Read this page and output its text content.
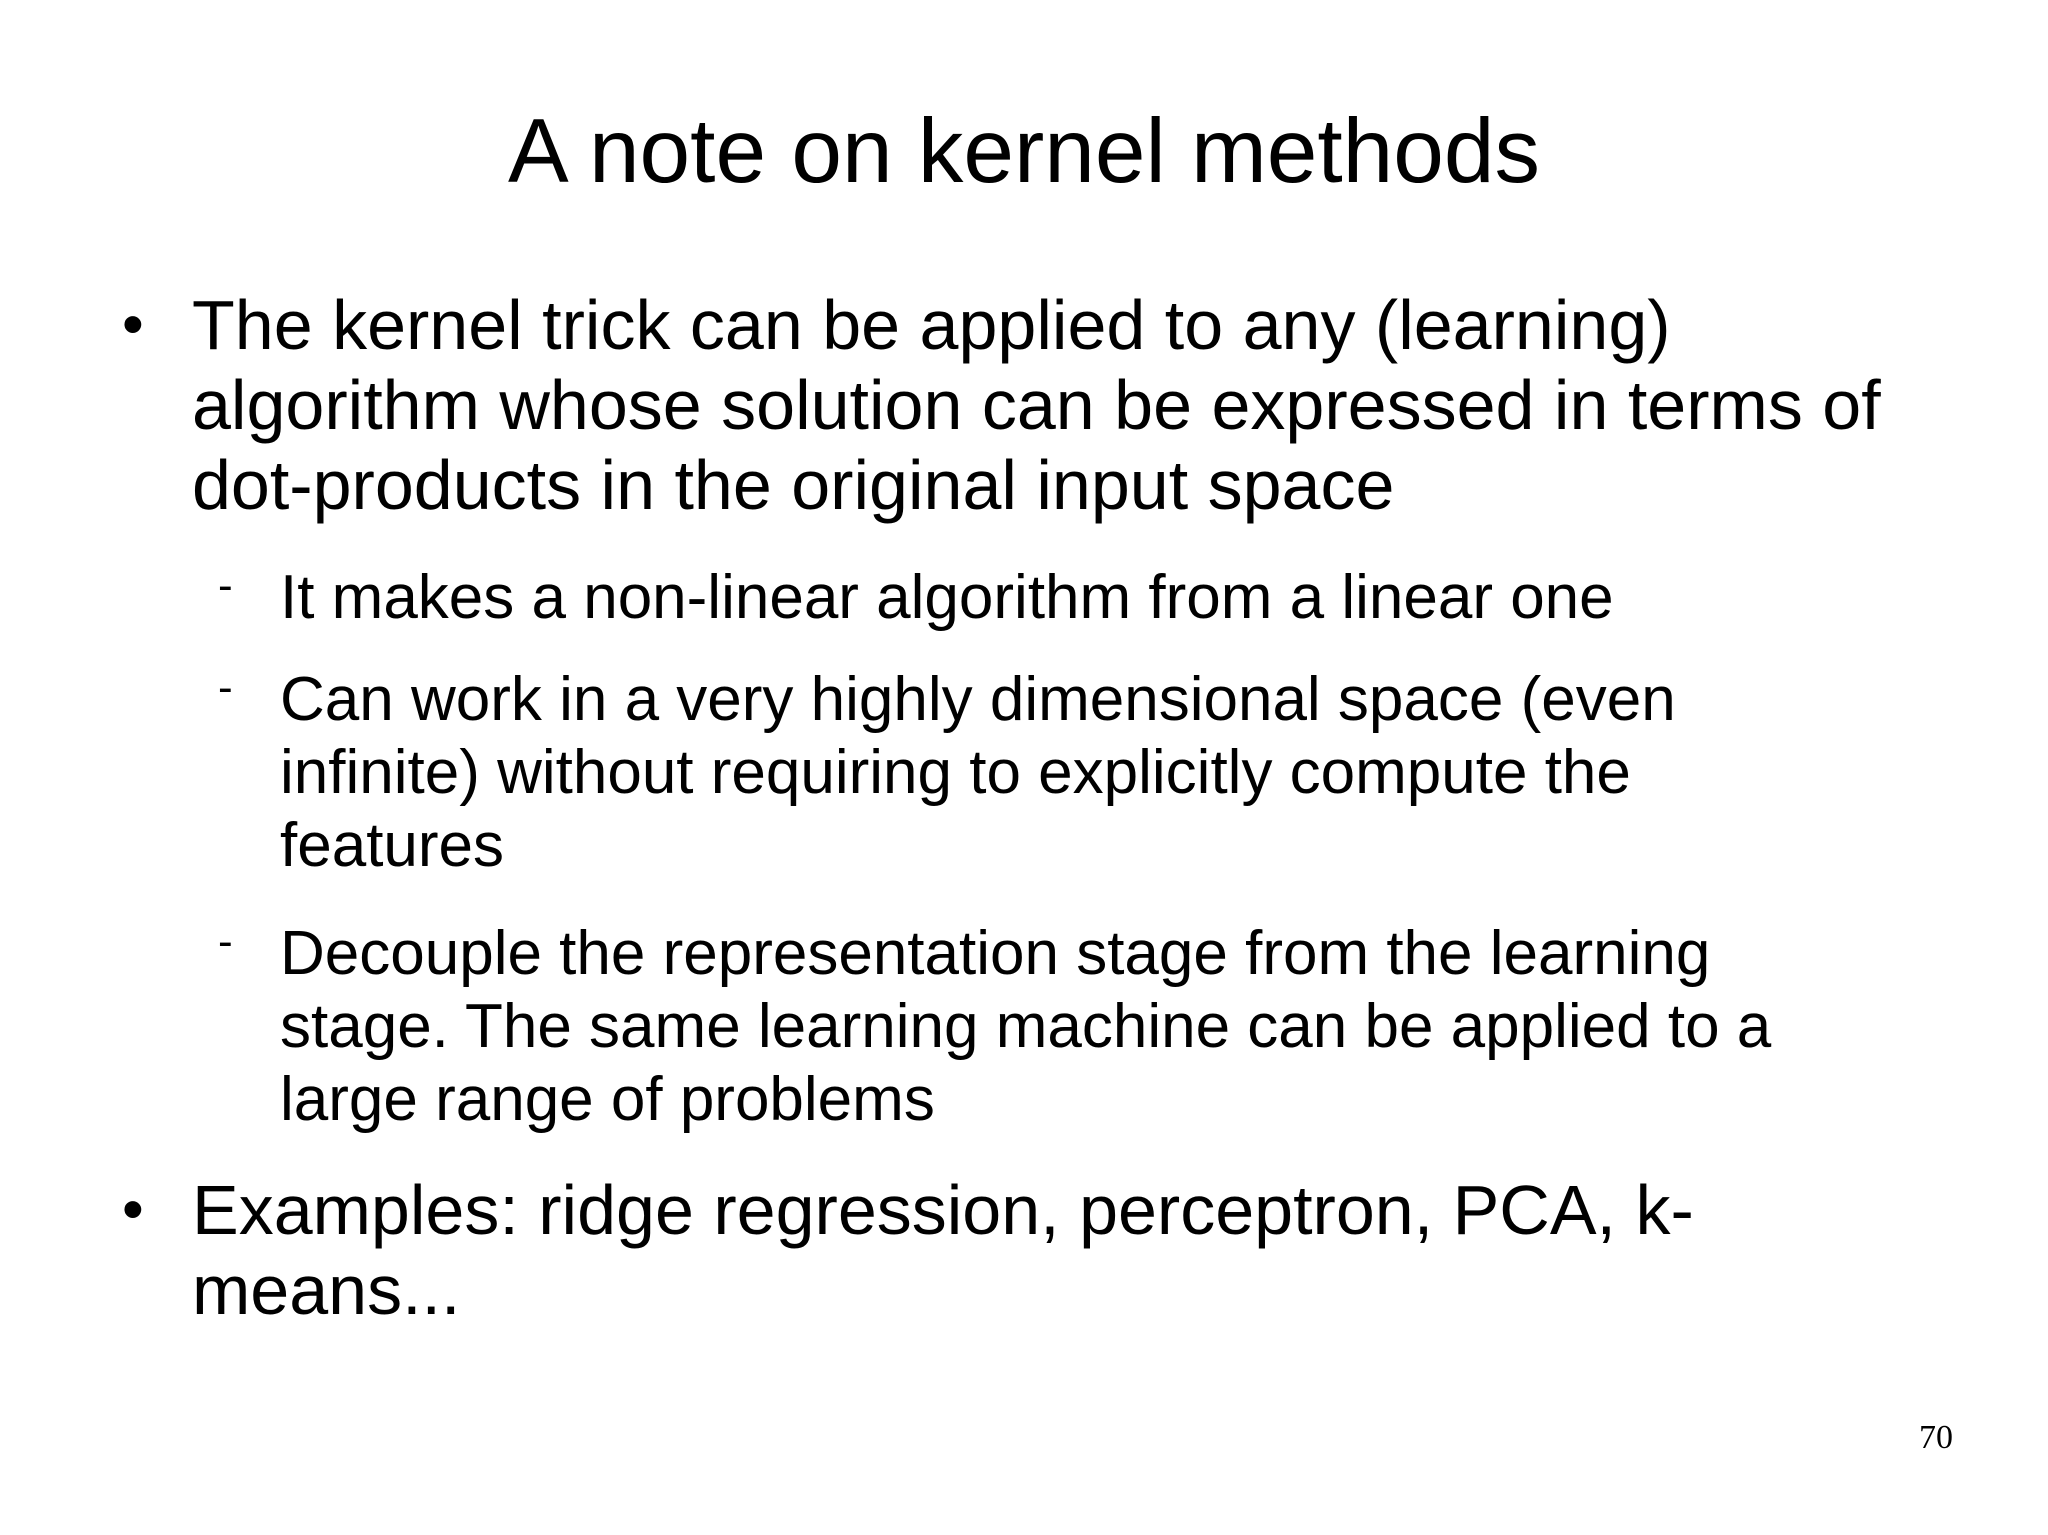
A note on kernel methods
• The kernel trick can be applied to any (learning)
algorithm whose solution can be expressed in terms of
dot-products in the original input space
- It makes a non-linear algorithm from a linear one
- Can work in a very highly dimensional space (even
infinite) without requiring to explicitly compute the
features
- Decouple the representation stage from the learning
stage. The same learning machine can be applied to a
large range of problems
• Examples: ridge regression, perceptron, PCA, k-
means...
70
